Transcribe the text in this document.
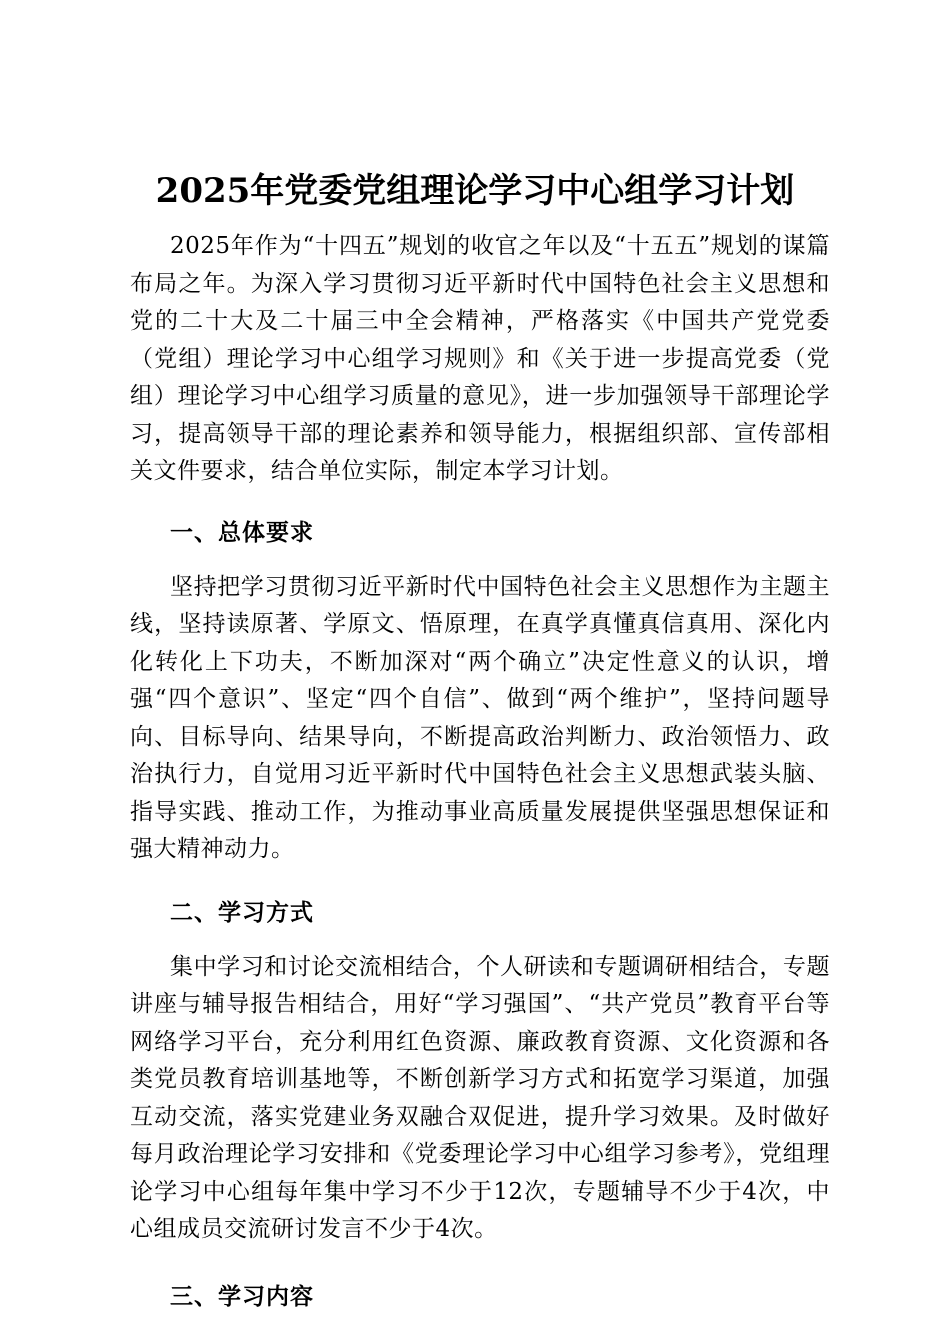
2025年党委党组理论学习中心组学习计划

2025年作为“十四五”规划的收官之年以及“十五五”规划的谋篇布局之年。为深入学习贯彻习近平新时代中国特色社会主义思想和党的二十大及二十届三中全会精神，严格落实《中国共产党党委（党组）理论学习中心组学习规则》和《关于进一步提高党委（党组）理论学习中心组学习质量的意见》，进一步加强领导干部理论学习，提高领导干部的理论素养和领导能力，根据组织部、宣传部相关文件要求，结合单位实际，制定本学习计划。

一、总体要求

坚持把学习贯彻习近平新时代中国特色社会主义思想作为主题主线，坚持读原著、学原文、悟原理，在真学真懂真信真用、深化内化转化上下功夫，不断加深对“两个确立”决定性意义的认识，增强“四个意识”、坚定“四个自信”、做到“两个维护”，坚持问题导向、目标导向、结果导向，不断提高政治判断力、政治领悟力、政治执行力，自觉用习近平新时代中国特色社会主义思想武装头脑、指导实践、推动工作，为推动事业高质量发展提供坚强思想保证和强大精神动力。

二、学习方式

集中学习和讨论交流相结合，个人研读和专题调研相结合，专题讲座与辅导报告相结合，用好“学习强国”、“共产党员”教育平台等网络学习平台，充分利用红色资源、廉政教育资源、文化资源和各类党员教育培训基地等，不断创新学习方式和拓宽学习渠道，加强互动交流，落实党建业务双融合双促进，提升学习效果。及时做好每月政治理论学习安排和《党委理论学习中心组学习参考》，党组理论学习中心组每年集中学习不少于12次，专题辅导不少于4次，中心组成员交流研讨发言不少于4次。

三、学习内容
